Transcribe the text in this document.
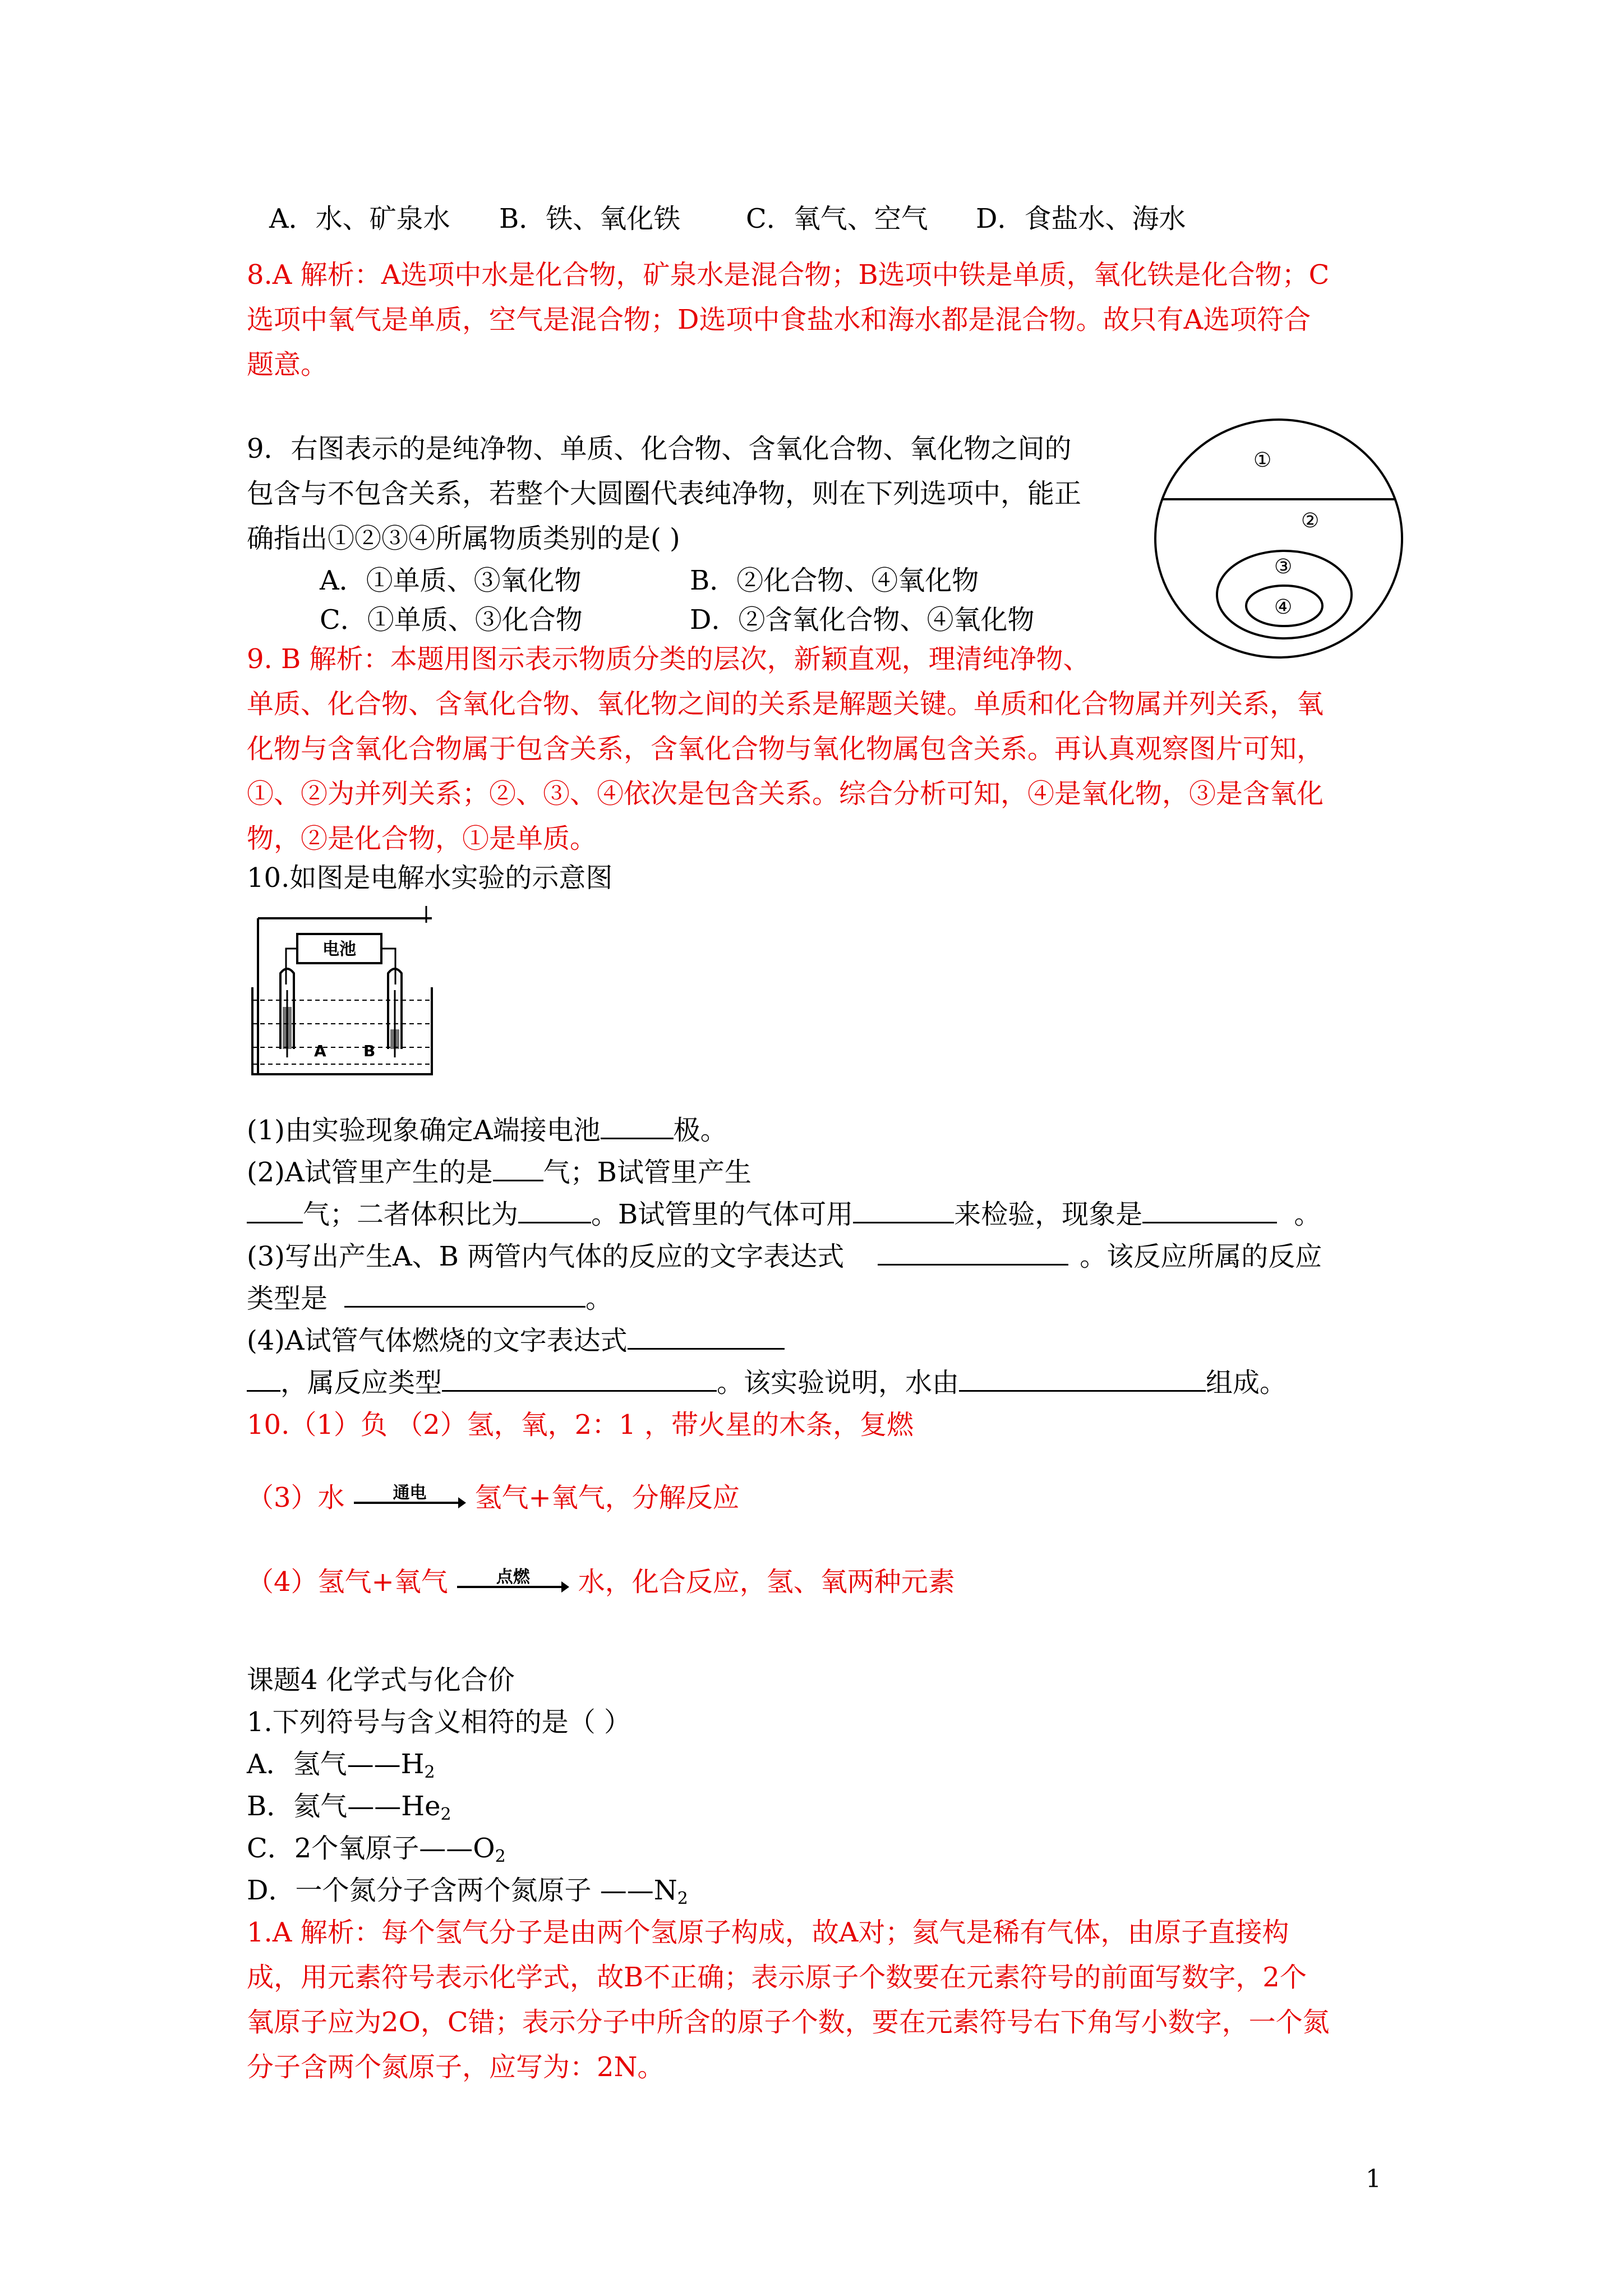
A．水、矿泉水 B．铁、氧化铁 C．氧气、空气 D．食盐水、海水
8.A 解析：A选项中水是化合物，矿泉水是混合物；B选项中铁是单质，氧化铁是化合物；C
选项中氧气是单质，空气是混合物；D选项中食盐水和海水都是混合物。故只有A选项符合
题意。
9．右图表示的是纯净物、单质、化合物、含氧化合物、氧化物之间的
包含与不包含关系，若整个大圆圈代表纯净物，则在下列选项中，能正
确指出①②③④所属物质类别的是( )
A．①单质、③氧化物	B．②化合物、④氧化物
C．①单质、③化合物	D．②含氧化合物、④氧化物
①
②
③
④
9. B 解析：本题用图示表示物质分类的层次，新颖直观，理清纯净物、
单质、化合物、含氧化合物、氧化物之间的关系是解题关键。单质和化合物属并列关系，氧
化物与含氧化合物属于包含关系，含氧化合物与氧化物属包含关系。再认真观察图片可知，
①、②为并列关系；②、③、④依次是包含关系。综合分析可知，④是氧化物，③是含氧化
物，②是化合物，①是单质。
10.如图是电解水实验的示意图
电池
A B
(1)由实验现象确定A端接电池	极。
(2)A试管里产生的是 气；B试管里产生
气；二者体积比为	。B试管里的气体可用	来检验，现象是	。
(3)写出产生A、B 两管内气体的反应的文字表达式	。该反应所属的反应
类型是	。
(4)A试管气体燃烧的文字表达式
，属反应类型	。该实验说明，水由	组成。
10.（1）负 （2）氢，氧，2：1 ，带火星的木条，复燃
（3）水	通电	氢气+氧气，分解反应
（4）氢气+氧气	点燃	水，化合反应，氢、氧两种元素
课题4 化学式与化合价
1.下列符号与含义相符的是（ ）
A．氢气$——H_2$
B．氦气$——He_2$
C．2个氧原子$——O_2$
D．一个氮分子含两个氮原子 $——N_2$
1.A 解析：每个氢气分子是由两个氢原子构成，故A对；氦气是稀有气体，由原子直接构
成，用元素符号表示化学式，故B不正确；表示原子个数要在元素符号的前面写数字，2个
氧原子应为2O，C错；表示分子中所含的原子个数，要在元素符号右下角写小数字，一个氮
分子含两个氮原子，应写为：2N。
1
